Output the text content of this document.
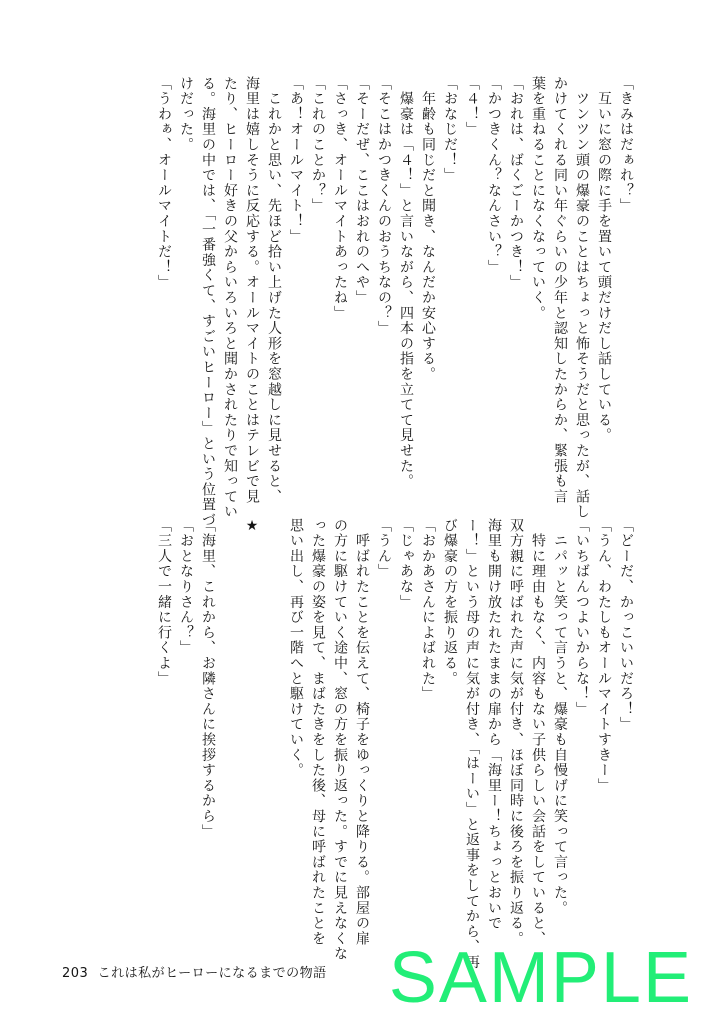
「きみはだぁれ？」
　互いに窓の際に手を置いて頭だけだし話している。
　ツンツン頭の爆豪のことはちょっと怖そうだと思ったが、話し
かけてくれる同い年ぐらいの少年と認知したからか、緊張も言
葉を重ねることになくなっていく。
「おれは、ばくごーかつき！」
「かつきくん？なんさい？」
「４！」
「おなじだ！」
　年齢も同じだと聞き、なんだか安心する。
　爆豪は「４！」と言いながら、四本の指を立てて見せた。
「そこはかつきくんのおうちなの？」
「そーだぜ、ここはおれのへや」
「さっき、オールマイトあったね」
「これのことか？」
「あ！オールマイト！」
　これかと思い、先ほど拾い上げた人形を窓越しに見せると、
海里は嬉しそうに反応する。オールマイトのことはテレビで見
たり、ヒーロー好きの父からいろいろと聞かされたりで知ってい
る。海里の中では、「一番強くて、すごいヒーロー」という位置づ
けだった。
「うわぁ、オールマイトだ！」
「どーだ、かっこいいだろ！」
「うん、わたしもオールマイトすきー」
「いちばんつよいからな！」
　ニパッと笑って言うと、爆豪も自慢げに笑って言った。
　特に理由もなく、内容もない子供らしい会話をしていると、
双方親に呼ばれた声に気が付き、ほぼ同時に後ろを振り返る。
海里も開け放たれたままの扉から「海里ー！ちょっとおいで
ー！」という母の声に気が付き、「はーい」と返事をしてから、再
び爆豪の方を振り返る。
「おかあさんによばれた」
「じゃあな」
「うん」
　呼ばれたことを伝えて、椅子をゆっくりと降りる。部屋の扉
の方に駆けていく途中、窓の方を振り返った。すでに見えなくな
った爆豪の姿を見て、まばたきをした後、母に呼ばれたことを
思い出し、再び一階へと駆けていく。

★

「海里、これから、お隣さんに挨拶するから」
「おとなりさん？」
「三人で一緒に行くよ」
203 これは私がヒーローになるまでの物語 SAMPLE
